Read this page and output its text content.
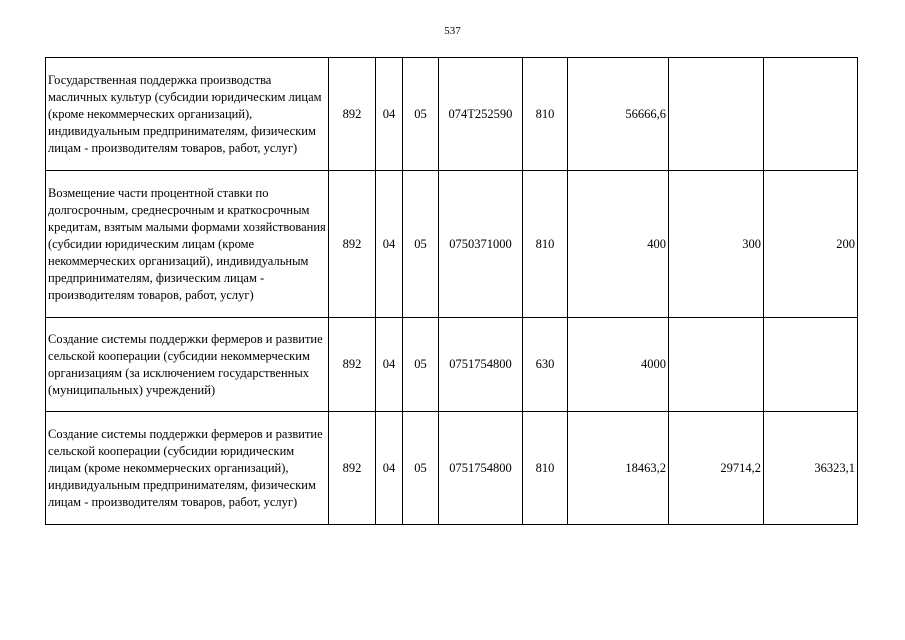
537
Государственная поддержка производства масличных культур (субсидии юридическим лицам (кроме некоммерческих организаций), индивидуальным предпринимателям, физическим лицам - производителям товаров, работ, услуг)	892	04	05	074T252590	810	56666,6		
Возмещение части процентной ставки по долгосрочным, среднесрочным и краткосрочным кредитам, взятым малыми формами хозяйствования (субсидии юридическим лицам (кроме некоммерческих организаций), индивидуальным предпринимателям, физическим лицам - производителям товаров, работ, услуг)	892	04	05	0750371000	810	400	300	200
Создание системы поддержки фермеров и развитие сельской кооперации (субсидии некоммерческим организациям (за исключением государственных (муниципальных) учреждений)	892	04	05	0751754800	630	4000		
Создание системы поддержки фермеров и развитие сельской кооперации (субсидии юридическим лицам (кроме некоммерческих организаций), индивидуальным предпринимателям, физическим лицам - производителям товаров, работ, услуг)	892	04	05	0751754800	810	18463,2	29714,2	36323,1
